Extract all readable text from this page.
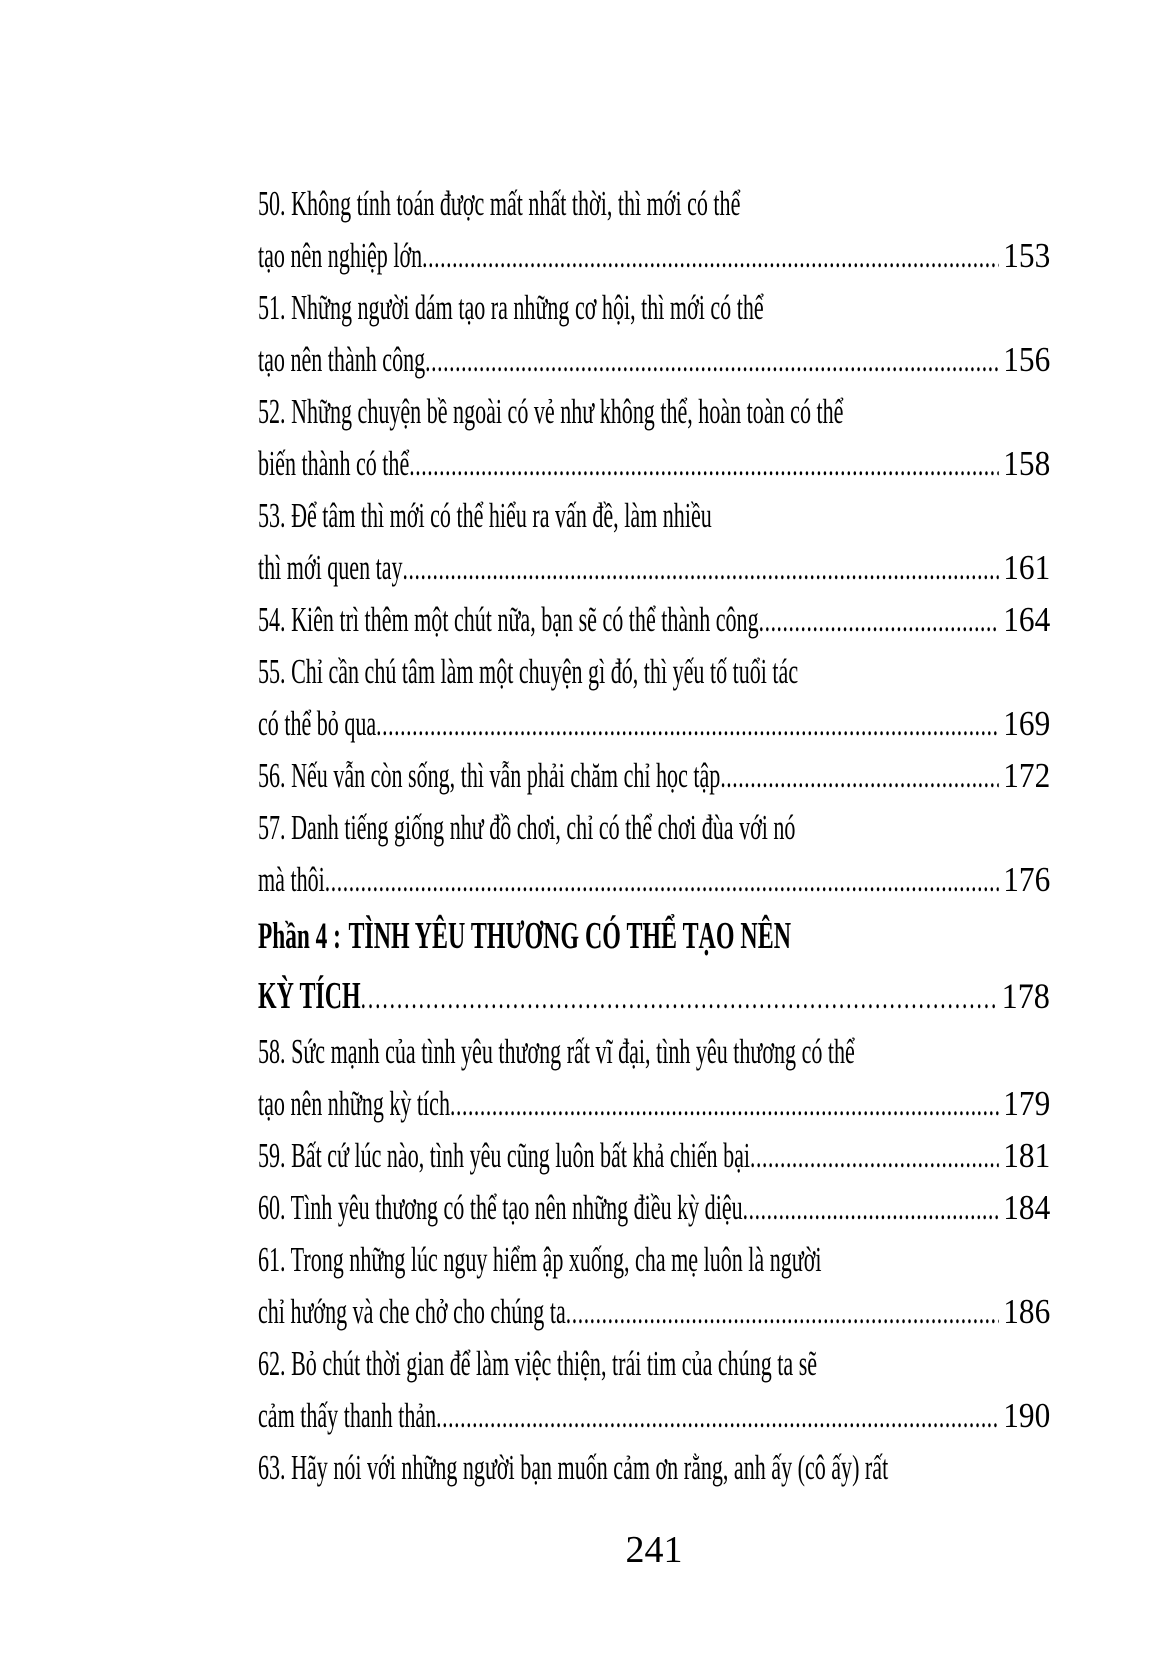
50. Không tính toán được mất nhất thời, thì mới có thể
tạo nên nghiệp lớn .....	153
51. Những người dám tạo ra những cơ hội, thì mới có thể
tạo nên thành công .....	156
52. Những chuyện bề ngoài có vẻ như không thể, hoàn toàn có thể
biến thành có thể .....	158
53. Để tâm thì mới có thể hiểu ra vấn đề, làm nhiều
thì mới quen tay .....	161
54. Kiên trì thêm một chút nữa, bạn sẽ có thể thành công .....	164
55. Chỉ cần chú tâm làm một chuyện gì đó, thì yếu tố tuổi tác
có thể bỏ qua .....	169
56. Nếu vẫn còn sống, thì vẫn phải chăm chỉ học tập .....	172
57. Danh tiếng giống như đồ chơi, chỉ có thể chơi đùa với nó
mà thôi .....	176
Phần 4 : TÌNH YÊU THƯƠNG CÓ THỂ TẠO NÊN
KỲ TÍCH .....	178
58. Sức mạnh của tình yêu thương rất vĩ đại, tình yêu thương có thể
tạo nên những kỳ tích .....	179
59. Bất cứ lúc nào, tình yêu cũng luôn bất khả chiến bại .....	181
60. Tình yêu thương có thể tạo nên những điều kỳ diệu .....	184
61. Trong những lúc nguy hiểm ập xuống, cha mẹ luôn là người
chỉ hướng và che chở cho chúng ta .....	186
62. Bỏ chút thời gian để làm việc thiện, trái tim của chúng ta sẽ
cảm thấy thanh thản .....	190
63. Hãy nói với những người bạn muốn cảm ơn rằng, anh ấy (cô ấy) rất
241
